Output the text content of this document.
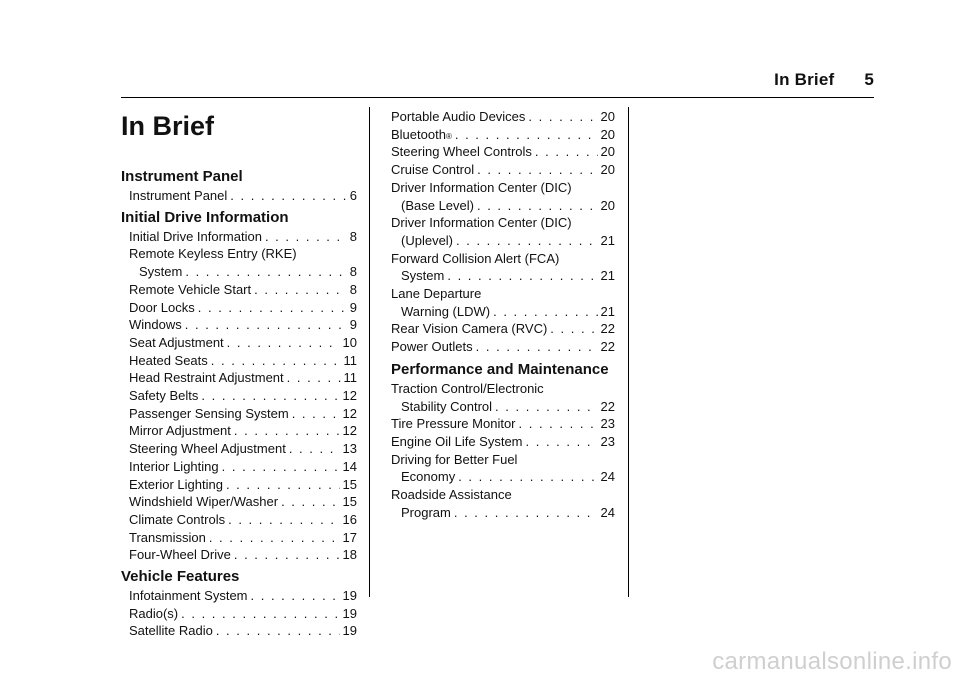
In Brief 5
In Brief
Instrument Panel
Instrument Panel . . .	6
Initial Drive Information
Initial Drive Information . . .	8
Remote Keyless Entry (RKE)
System . . .	8
Remote Vehicle Start . . .	8
Door Locks . . .	9
Windows . . .	9
Seat Adjustment . . .	10
Heated Seats . . .	11
Head Restraint Adjustment . . .	11
Safety Belts . . .	12
Passenger Sensing System . . .	12
Mirror Adjustment . . .	12
Steering Wheel Adjustment . . .	13
Interior Lighting . . .	14
Exterior Lighting . . .	15
Windshield Wiper/Washer . . .	15
Climate Controls . . .	16
Transmission . . .	17
Four-Wheel Drive . . .	18
Vehicle Features
Infotainment System . . .	19
Radio(s) . . .	19
Satellite Radio . . .	19
Portable Audio Devices . . .	20
Bluetooth ® . . .	20
Steering Wheel Controls . . .	20
Cruise Control . . .	20
Driver Information Center (DIC)
(Base Level) . . .	20
Driver Information Center (DIC)
(Uplevel) . . .	21
Forward Collision Alert (FCA)
System . . .	21
Lane Departure
Warning (LDW) . . .	21
Rear Vision Camera (RVC) . . .	22
Power Outlets . . .	22
Performance and Maintenance
Traction Control/Electronic
Stability Control . . .	22
Tire Pressure Monitor . . .	23
Engine Oil Life System . . .	23
Driving for Better Fuel
Economy . . .	24
Roadside Assistance
Program . . .	24
carmanualsonline.info
